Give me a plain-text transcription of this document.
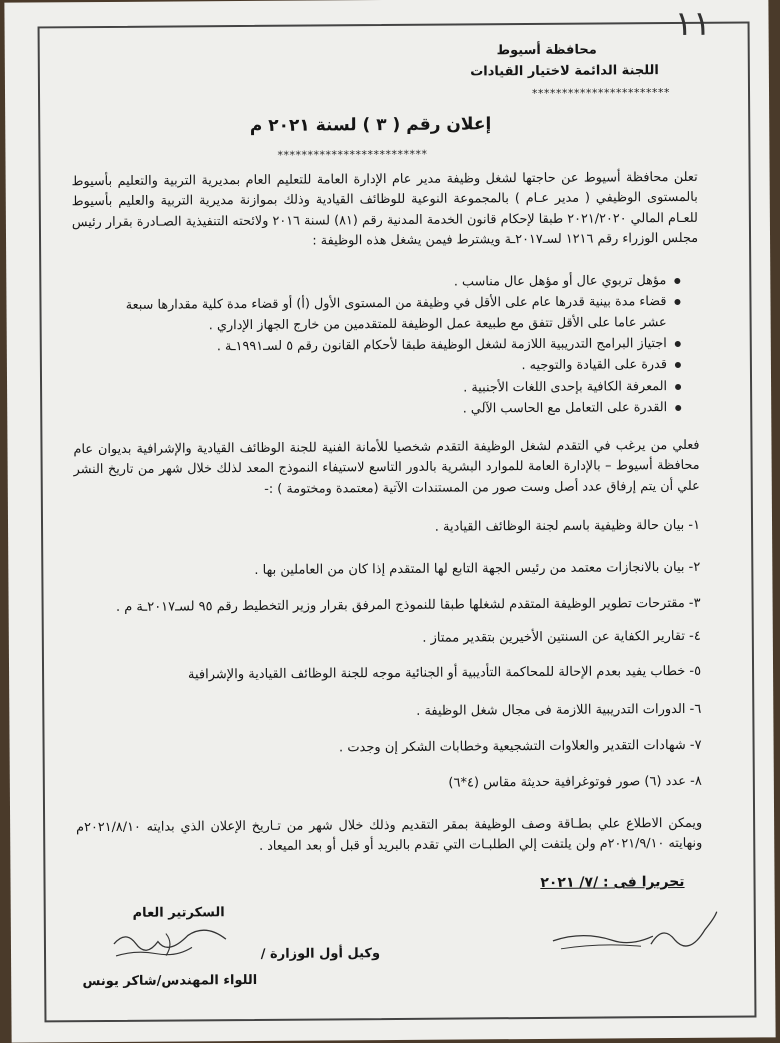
١١
محافظة أسيوط
اللجنة الدائمة لاختيار القيادات
***********************
إعلان رقم ( ٣ ) لسنة ٢٠٢١ م
*************************
تعلن محافظة أسيوط عن حاجتها لشغل وظيفة مدير عام الإدارة العامة للتعليم العام بمديرية التربية والتعليم بأسيوط بالمستوى الوظيفي ( مدير عـام ) بالمجموعة النوعية للوظائف القيادية وذلك بموازنة مديرية التربية والعليم بأسيوط للعـام المالي ٢٠٢١/٢٠٢٠ طبقا لإحكام قانون الخدمة المدنية رقم (٨١) لسنة ٢٠١٦ ولائحته التنفيذية الصـادرة بقرار رئيس مجلس الوزراء رقم ١٢١٦ لسـ٢٠١٧ـة ويشترط فيمن يشغل هذه الوظيفة :
مؤهل تربوي عال أو مؤهل عال مناسب .
قضاء مدة بينية قدرها عام على الأقل في وظيفة من المستوى الأول (أ) أو قضاء مدة كلية مقدارها سبعة عشر عاما على الأقل تتفق مع طبيعة عمل الوظيفة للمتقدمين من خارج الجهاز الإداري .
اجتياز البرامج التدريبية اللازمة لشغل الوظيفة طبقا لأحكام القانون رقم ٥ لسـ١٩٩١ـة .
قدرة على القيادة والتوجيه .
المعرفة الكافية بإحدى اللغات الأجنبية .
القدرة على التعامل مع الحاسب الآلي .
فعلي من يرغب في التقدم لشغل الوظيفة التقدم شخصيا للأمانة الفنية للجنة الوظائف القيادية والإشرافية بديوان عام محافظة أسيوط – بالإدارة العامة للموارد البشرية بالدور التاسع لاستيفاء النموذج المعد لذلك خلال شهر من تاريخ النشر علي أن يتم إرفاق عدد أصل وست صور من المستندات الآتية (معتمدة ومختومة ) :-
١- بيان حالة وظيفية باسم لجنة الوظائف القيادية .
٢- بيان بالانجازات معتمد من رئيس الجهة التابع لها المتقدم إذا كان من العاملين بها .
٣- مقترحات تطوير الوظيفة المتقدم لشغلها طبقا للنموذج المرفق بقرار وزير التخطيط رقم ٩٥ لسـ٢٠١٧ـة م .
٤- تقارير الكفاية عن السنتين الأخيرين بتقدير ممتاز .
٥- خطاب يفيد بعدم الإحالة للمحاكمة التأديبية أو الجنائية موجه للجنة الوظائف القيادية والإشرافية
٦- الدورات التدريبية اللازمة فى مجال شغل الوظيفة .
٧- شهادات التقدير والعلاوات التشجيعية وخطابات الشكر إن وجدت .
٨- عدد (٦) صور فوتوغرافية حديثة مقاس (٤*٦)
ويمكن الاطلاع علي بطـاقة وصف الوظيفة بمقر التقديم وذلك خلال شهر من تـاريخ الإعلان الذي بدايته ٢٠٢١/٨/١٠م ونهايته ٢٠٢١/٩/١٠م ولن يلتفت إلي الطلبـات التي تقدم بالبريد أو قبل أو بعد الميعاد .
تحريرا فى : /٧/ ٢٠٢١
السكرتير العام
وكيل أول الوزارة /
اللواء المهندس/شاكر يونس
